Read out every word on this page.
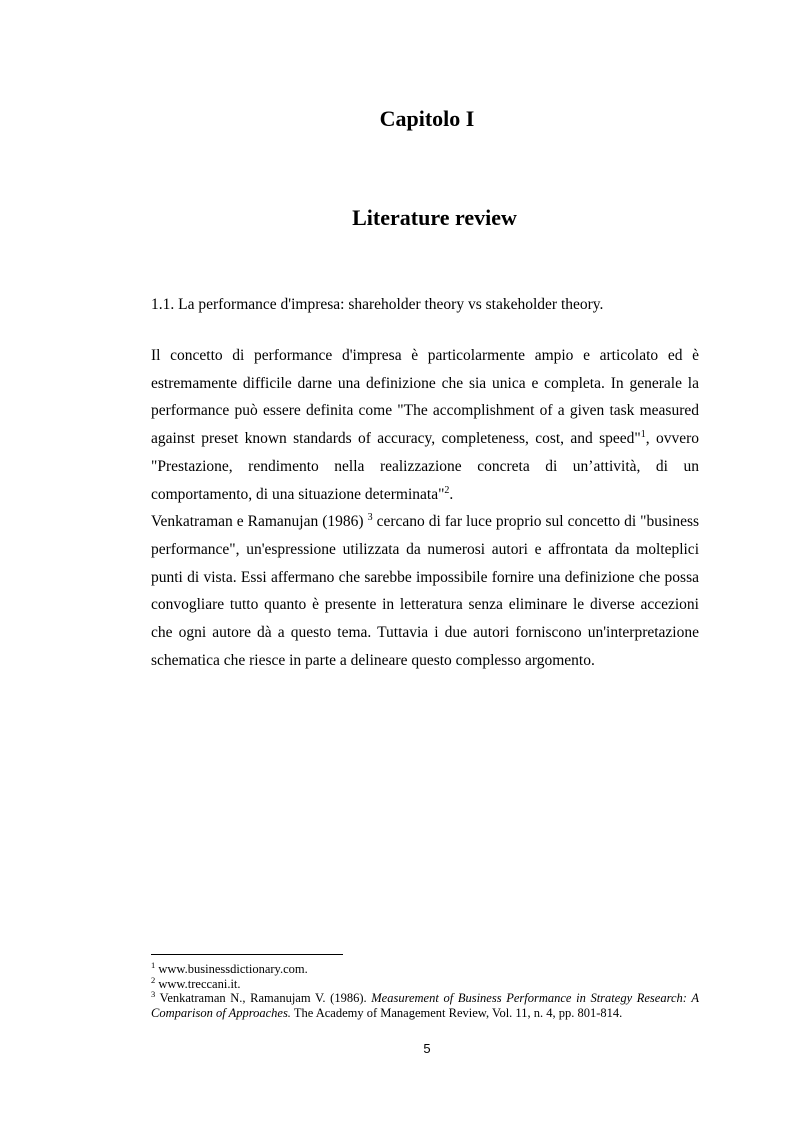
Capitolo I
Literature review

1.1. La performance d'impresa: shareholder theory vs stakeholder theory.

Il concetto di performance d'impresa è particolarmente ampio e articolato ed è estremamente difficile darne una definizione che sia unica e completa. In generale la performance può essere definita come "The accomplishment of a given task measured against preset known standards of accuracy, completeness, cost, and speed"$^1$, ovvero "Prestazione, rendimento nella realizzazione concreta di un’attività, di un comportamento, di una situazione determinata"$^2$.

Venkatraman e Ramanujan (1986) $^3$ cercano di far luce proprio sul concetto di "business performance", un'espressione utilizzata da numerosi autori e affrontata da molteplici punti di vista. Essi affermano che sarebbe impossibile fornire una definizione che possa convogliare tutto quanto è presente in letteratura senza eliminare le diverse accezioni che ogni autore dà a questo tema. Tuttavia i due autori forniscono un'interpretazione schematica che riesce in parte a delineare questo complesso argomento.

$^1$ www.businessdictionary.com.

$^2$ www.treccani.it.

$^3$ Venkatraman N., Ramanujam V. (1986). Measurement of Business Performance in Strategy Research: A Comparison of Approaches. The Academy of Management Review, Vol. 11, n. 4, pp. 801-814.

5
